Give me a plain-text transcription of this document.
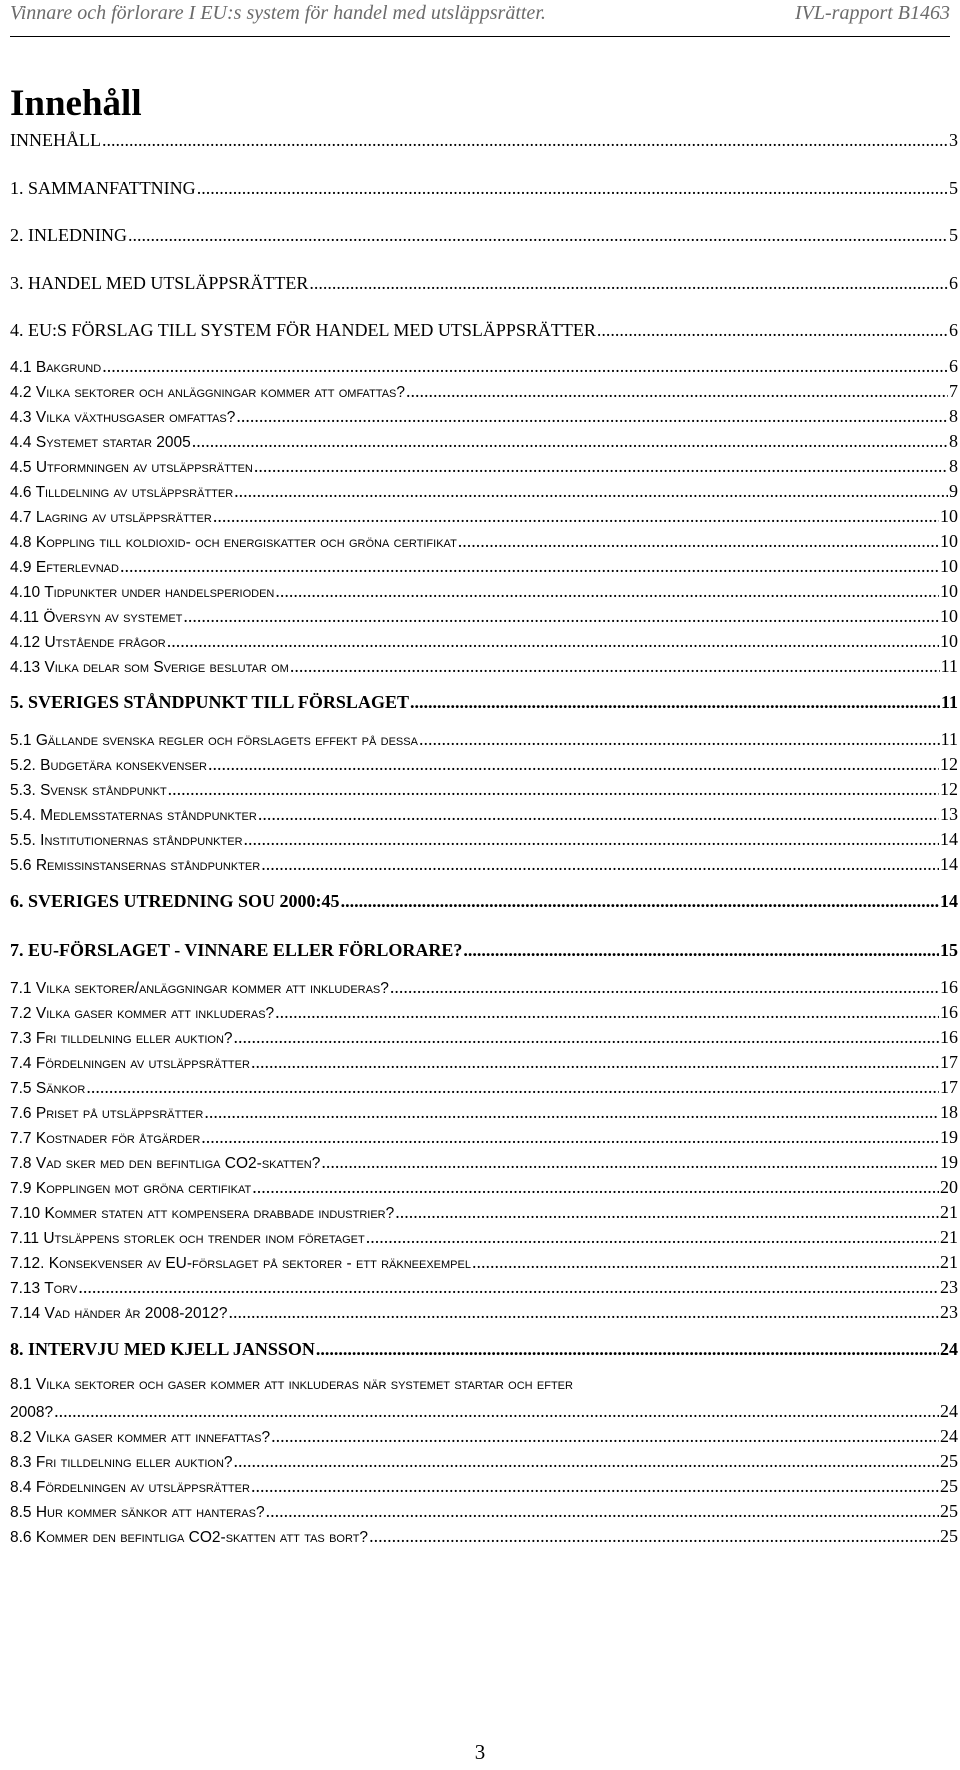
Vinnare och förlorare I EU:s system för handel med utsläppsrätter.	IVL-rapport B1463
Innehåll
INNEHÅLL .....	3
1. SAMMANFATTNING .....	5
2. INLEDNING .....	5
3. HANDEL MED UTSLÄPPSRÄTTER .....	6
4. EU:S FÖRSLAG TILL SYSTEM FÖR HANDEL MED UTSLÄPPSRÄTTER .....	6
4.1 Bakgrund .....	6
4.2 Vilka sektorer och anläggningar kommer att omfattas? .....	7
4.3 Vilka växthusgaser omfattas? .....	8
4.4 Systemet startar 2005 .....	8
4.5 Utformningen av utsläppsrätten .....	8
4.6 Tilldelning av utsläppsrätter .....	9
4.7 Lagring av utsläppsrätter .....	10
4.8 Koppling till koldioxid- och energiskatter och gröna certifikat .....	10
4.9 Efterlevnad .....	10
4.10 Tidpunkter under handelsperioden .....	10
4.11 Översyn av systemet .....	10
4.12 Utstående frågor .....	10
4.13 Vilka delar som Sverige beslutar om .....	11
5. SVERIGES STÅNDPUNKT TILL FÖRSLAGET .....	11
5.1 Gällande svenska regler och förslagets effekt på dessa .....	11
5.2. Budgetära konsekvenser .....	12
5.3. Svensk ståndpunkt .....	12
5.4. Medlemsstaternas ståndpunkter .....	13
5.5. Institutionernas ståndpunkter .....	14
5.6 Remissinstansernas ståndpunkter .....	14
6. SVERIGES UTREDNING SOU 2000:45 .....	14
7. EU-FÖRSLAGET - VINNARE ELLER FÖRLORARE? .....	15
7.1 Vilka sektorer/anläggningar kommer att inkluderas? .....	16
7.2 Vilka gaser kommer att inkluderas? .....	16
7.3 Fri tilldelning eller auktion? .....	16
7.4 Fördelningen av utsläppsrätter .....	17
7.5 Sänkor .....	17
7.6 Priset på utsläppsrätter .....	18
7.7 Kostnader för åtgärder .....	19
7.8 Vad sker med den befintliga CO2-skatten? .....	19
7.9 Kopplingen mot gröna certifikat .....	20
7.10 Kommer staten att kompensera drabbade industrier? .....	21
7.11 Utsläppens storlek och trender inom företaget .....	21
7.12. Konsekvenser av EU-förslaget på sektorer - ett räkneexempel .....	21
7.13 Torv .....	23
7.14 Vad händer år 2008-2012? .....	23
8. INTERVJU MED KJELL JANSSON .....	24
8.1 Vilka sektorer och gaser kommer att inkluderas när systemet startar och efter
2008? .....	24
8.2 Vilka gaser kommer att innefattas? .....	24
8.3 Fri tilldelning eller auktion? .....	25
8.4 Fördelningen av utsläppsrätter .....	25
8.5 Hur kommer sänkor att hanteras? .....	25
8.6 Kommer den befintliga CO2-skatten att tas bort? .....	25
3
